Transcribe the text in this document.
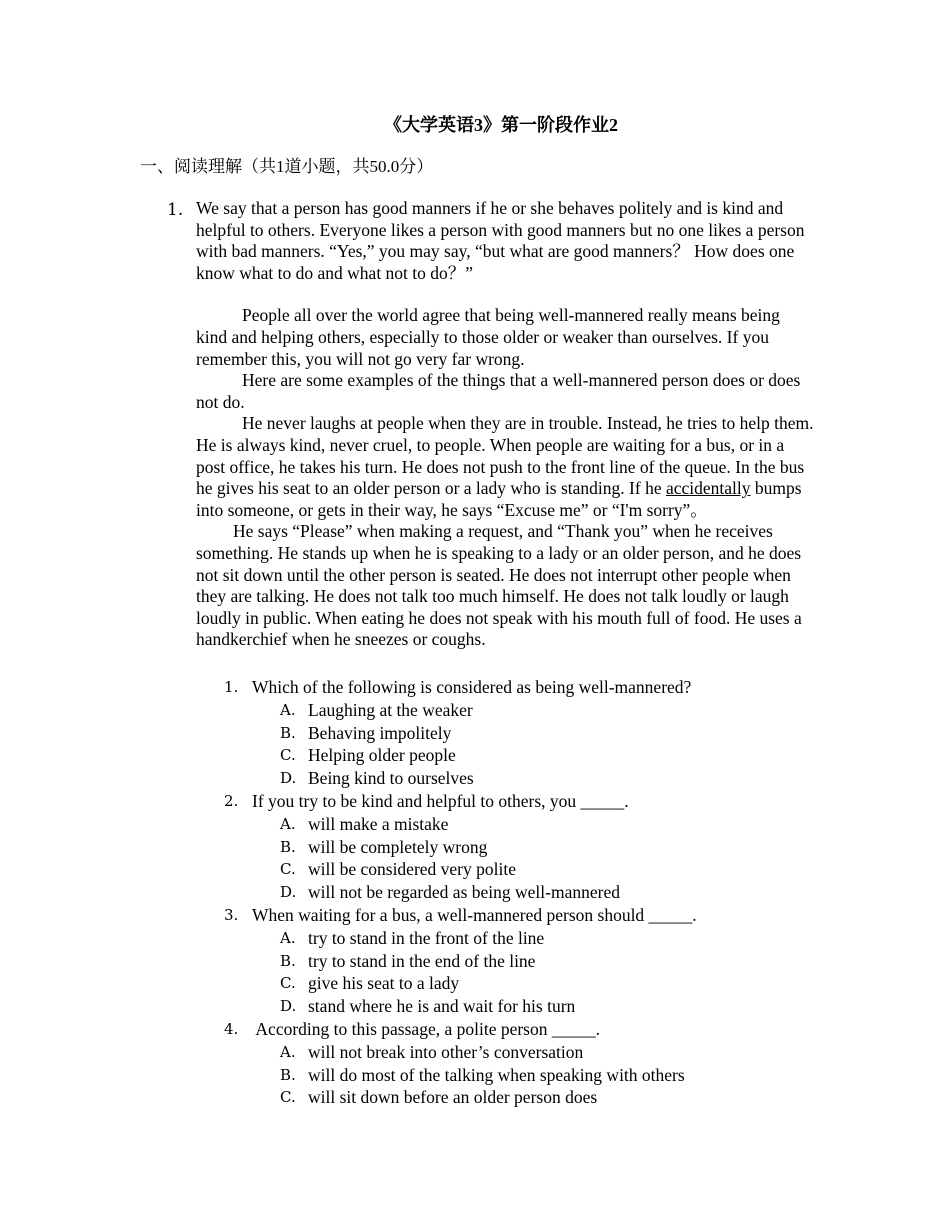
《大学英语3》第一阶段作业2
一、阅读理解（共1道小题，共50.0分）
1. We say that a person has good manners if he or she behaves politely and is kind and helpful to others. Everyone likes a person with good manners but no one likes a person with bad manners. “Yes,” you may say, “but what are good manners？ How does one know what to do and what not to do？”

People all over the world agree that being well-mannered really means being kind and helping others, especially to those older or weaker than ourselves. If you remember this, you will not go very far wrong.

Here are some examples of the things that a well-mannered person does or does not do.

He never laughs at people when they are in trouble. Instead, he tries to help them. He is always kind, never cruel, to people. When people are waiting for a bus, or in a post office, he takes his turn. He does not push to the front line of the queue. In the bus he gives his seat to an older person or a lady who is standing. If he accidentally bumps into someone, or gets in their way, he says “Excuse me” or “I'm sorry”。

He says “Please” when making a request, and “Thank you” when he receives something. He stands up when he is speaking to a lady or an older person, and he does not sit down until the other person is seated. He does not interrupt other people when they are talking. He does not talk too much himself. He does not talk loudly or laugh loudly in public. When eating he does not speak with his mouth full of food. He uses a handkerchief when he sneezes or coughs.

1. Which of the following is considered as being well-mannered?
A. Laughing at the weaker
B. Behaving impolitely
C. Helping older people
D. Being kind to ourselves
2. If you try to be kind and helpful to others, you _____.
A. will make a mistake
B. will be completely wrong
C. will be considered very polite
D. will not be regarded as being well-mannered
3. When waiting for a bus, a well-mannered person should _____.
A. try to stand in the front of the line
B. try to stand in the end of the line
C. give his seat to a lady
D. stand where he is and wait for his turn
4. According to this passage, a polite person _____.
A. will not break into other’s conversation
B. will do most of the talking when speaking with others
C. will sit down before an older person does
